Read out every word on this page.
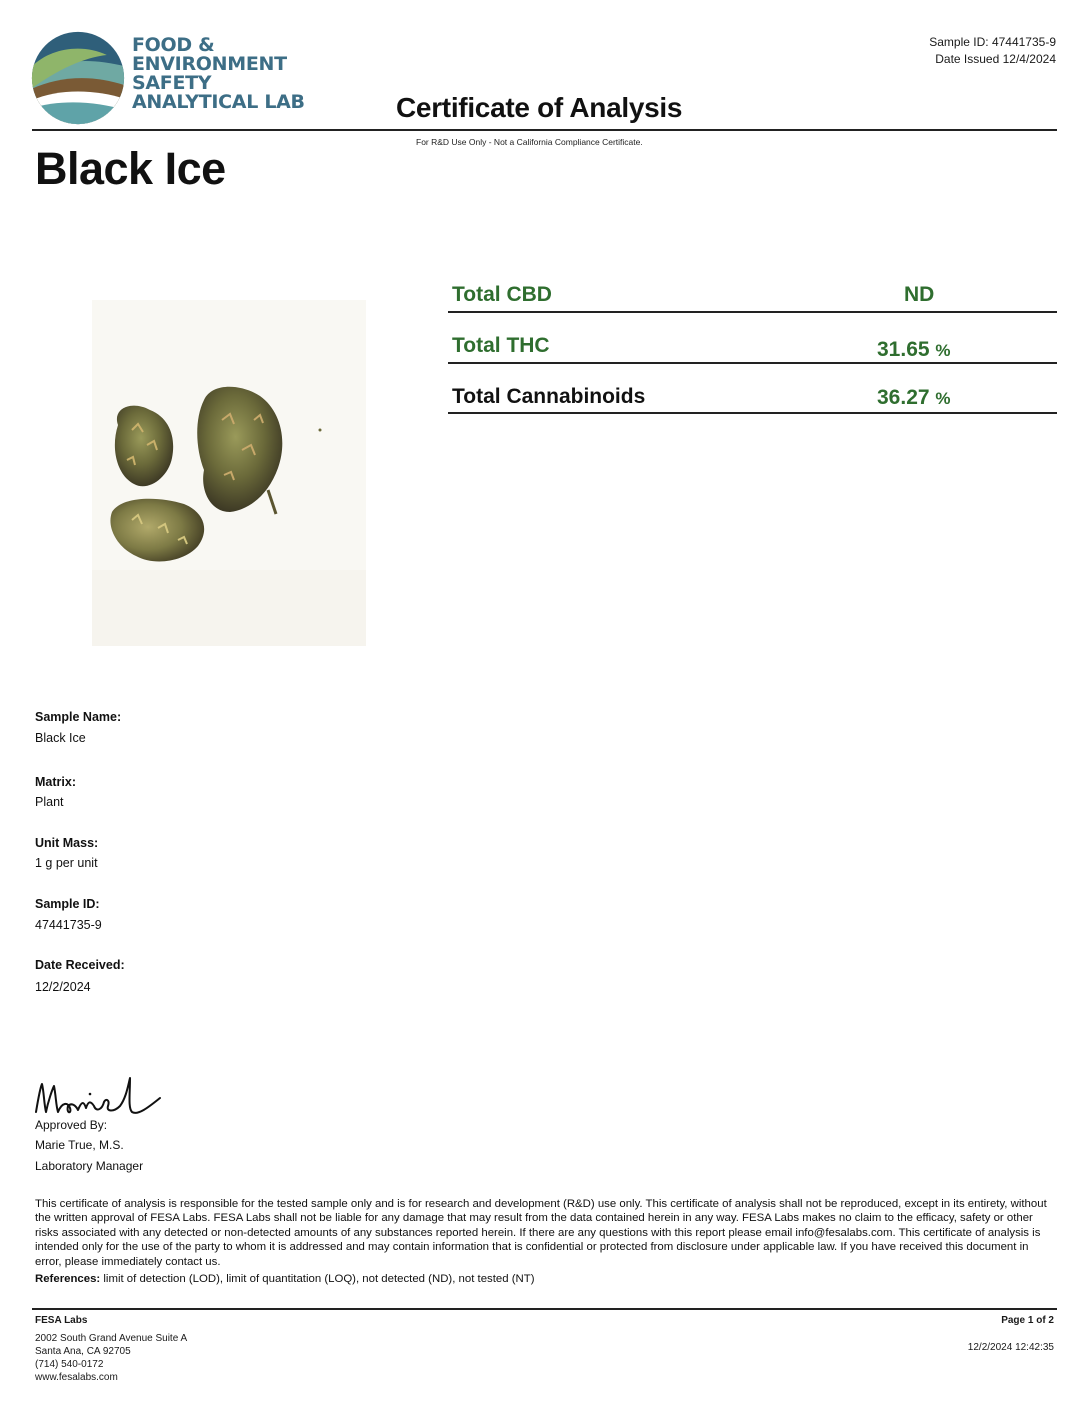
FOOD &
ENVIRONMENT
SAFETY
ANALYTICAL LAB
Sample ID: 47441735-9
Date Issued 12/4/2024
Certificate of Analysis
For R&D Use Only - Not a California Compliance Certificate.
Black Ice
Total CBD	ND
Total THC	31.65 %
Total Cannabinoids	36.27 %
Sample Name:
Black Ice
Matrix:
Plant
Unit Mass:
1 g per unit
Sample ID:
47441735-9
Date Received:
12/2/2024
Approved By:
Marie True, M.S.
Laboratory Manager
This certificate of analysis is responsible for the tested sample only and is for research and development (R&D) use only. This certificate of analysis shall not be reproduced, except in its entirety, without the written approval of FESA Labs. FESA Labs shall not be liable for any damage that may result from the data contained herein in any way. FESA Labs makes no claim to the efficacy, safety or other risks associated with any detected or non-detected amounts of any substances reported herein. If there are any questions with this report please email info@fesalabs.com. This certificate of analysis is intended only for the use of the party to whom it is addressed and may contain information that is confidential or protected from disclosure under applicable law. If you have received this document in error, please immediately contact us.
References: limit of detection (LOD), limit of quantitation (LOQ), not detected (ND), not tested (NT)
FESA Labs
2002 South Grand Avenue Suite A
Santa Ana, CA 92705
(714) 540-0172
www.fesalabs.com
Page 1 of 2
12/2/2024 12:42:35
